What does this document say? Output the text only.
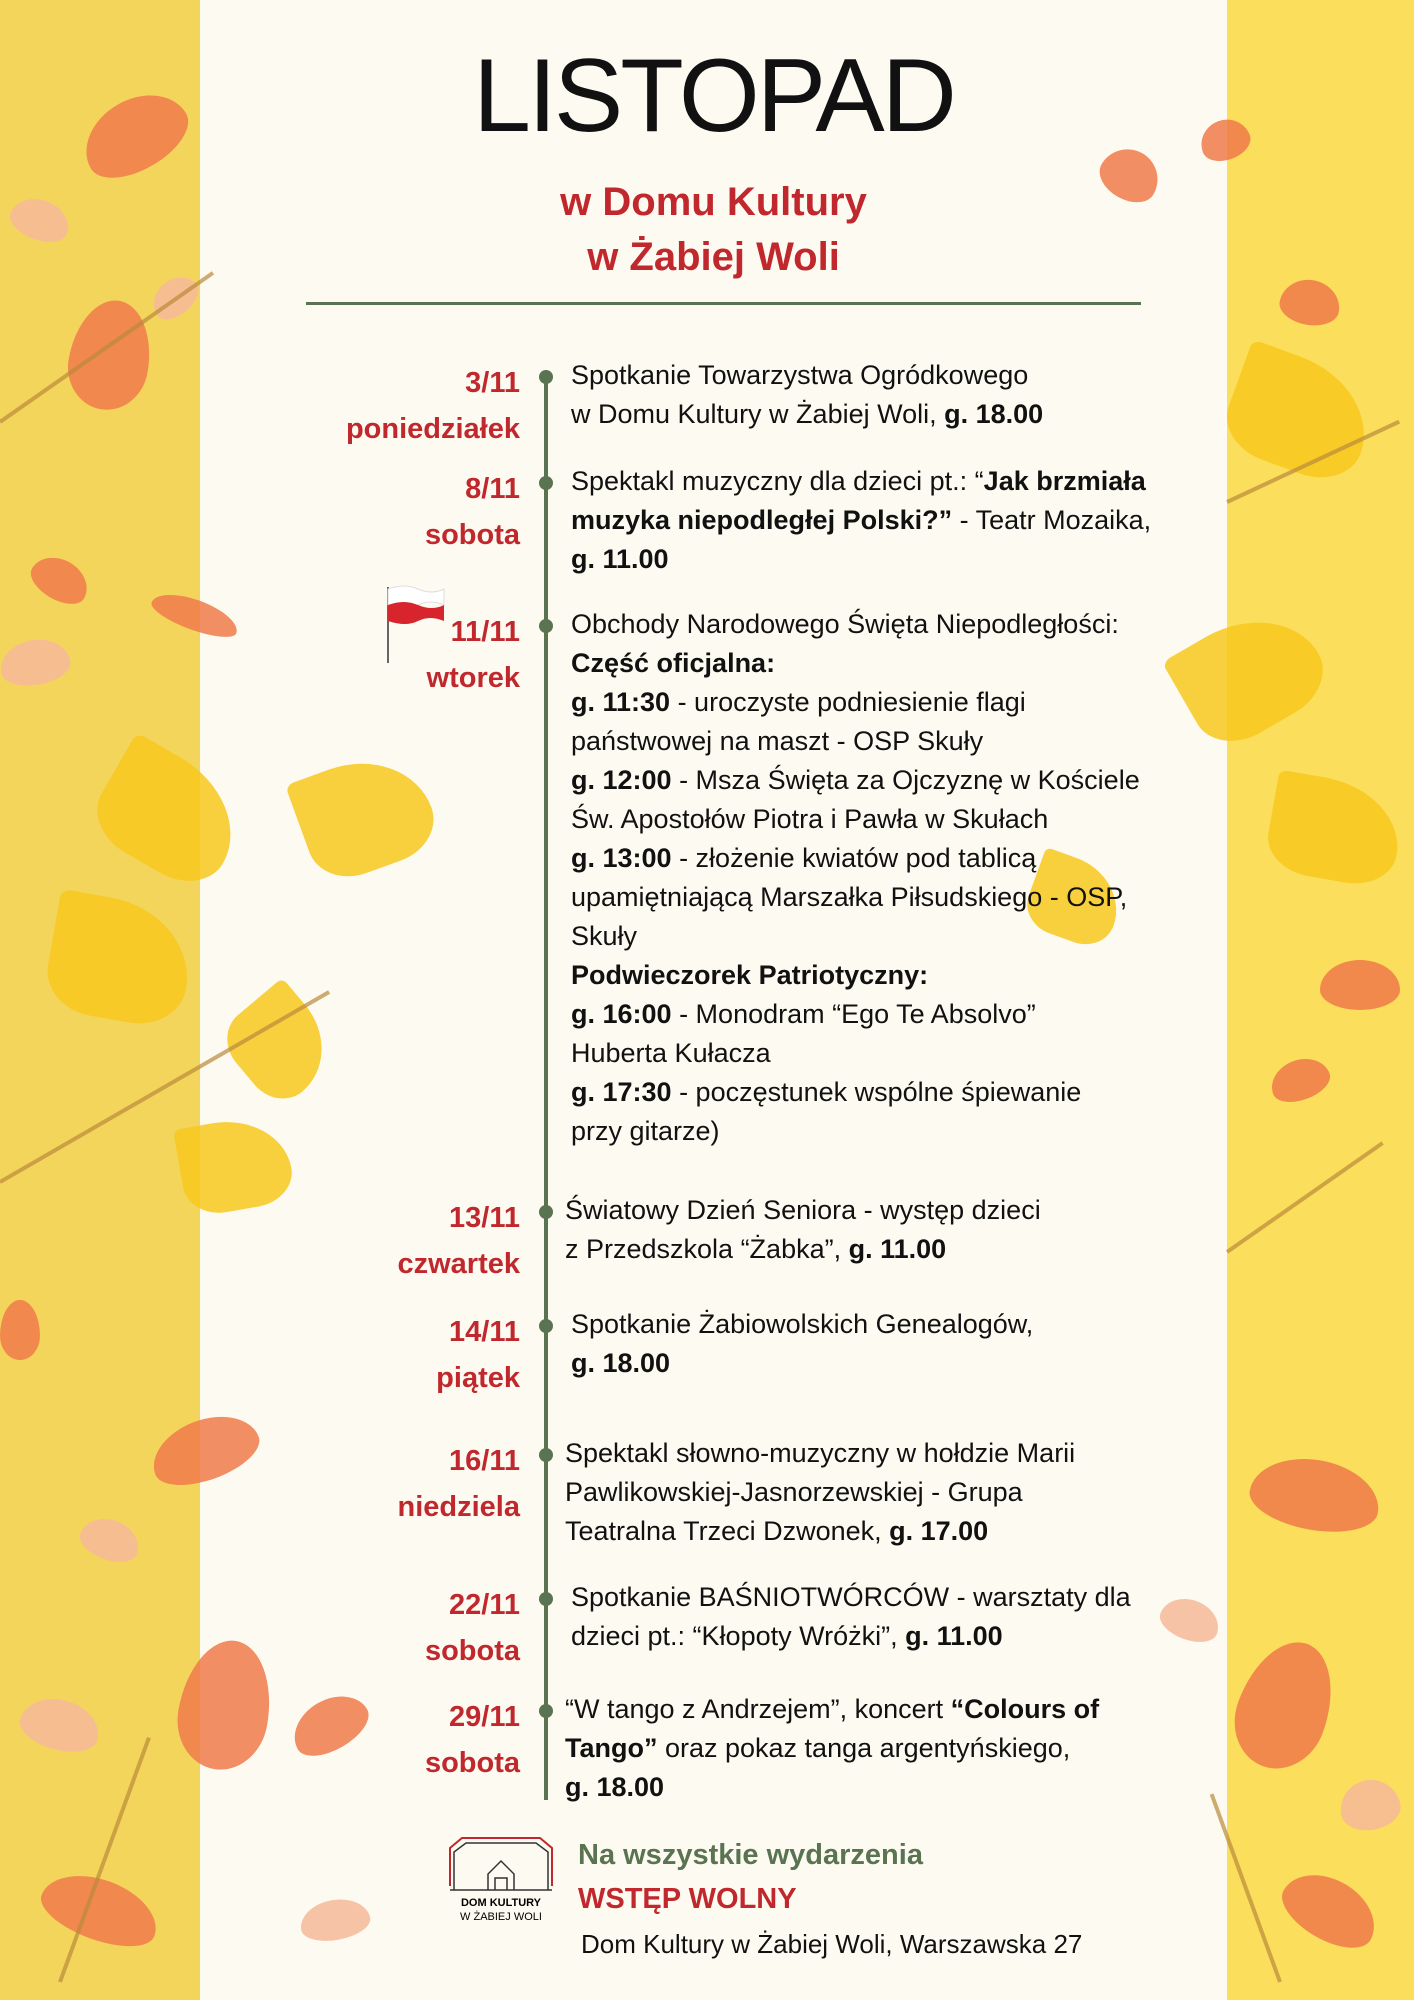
LISTOPAD
w Domu Kultury
w Żabiej Woli
3/11
poniedziałek
Spotkanie Towarzystwa Ogródkowego
w Domu Kultury w Żabiej Woli, g. 18.00
8/11
sobota
Spektakl muzyczny dla dzieci pt.: “Jak brzmiała
muzyka niepodległej Polski?” - Teatr Mozaika,
g. 11.00
11/11
wtorek
Obchody Narodowego Święta Niepodległości:
Część oficjalna:
g. 11:30 - uroczyste podniesienie flagi
państwowej na maszt - OSP Skuły
g. 12:00 - Msza Święta za Ojczyznę w Kościele
Św. Apostołów Piotra i Pawła w Skułach
g. 13:00 - złożenie kwiatów pod tablicą
upamiętniającą Marszałka Piłsudskiego - OSP,
Skuły
Podwieczorek Patriotyczny:
g. 16:00 - Monodram “Ego Te Absolvo”
Huberta Kułacza
g. 17:30 - poczęstunek wspólne śpiewanie
przy gitarze)
13/11
czwartek
Światowy Dzień Seniora - występ dzieci
z Przedszkola “Żabka”, g. 11.00
14/11
piątek
Spotkanie Żabiowolskich Genealogów,
g. 18.00
16/11
niedziela
Spektakl słowno-muzyczny w hołdzie Marii
Pawlikowskiej-Jasnorzewskiej - Grupa
Teatralna Trzeci Dzwonek, g. 17.00
22/11
sobota
Spotkanie BAŚNIOTWÓRCÓW - warsztaty dla
dzieci pt.: “Kłopoty Wróżki”, g. 11.00
29/11
sobota
“W tango z Andrzejem”, koncert “Colours of
Tango” oraz pokaz tanga argentyńskiego,
g. 18.00
DOM KULTURY
W ŻABIEJ WOLI
Na wszystkie wydarzenia
WSTĘP WOLNY
Dom Kultury w Żabiej Woli, Warszawska 27
